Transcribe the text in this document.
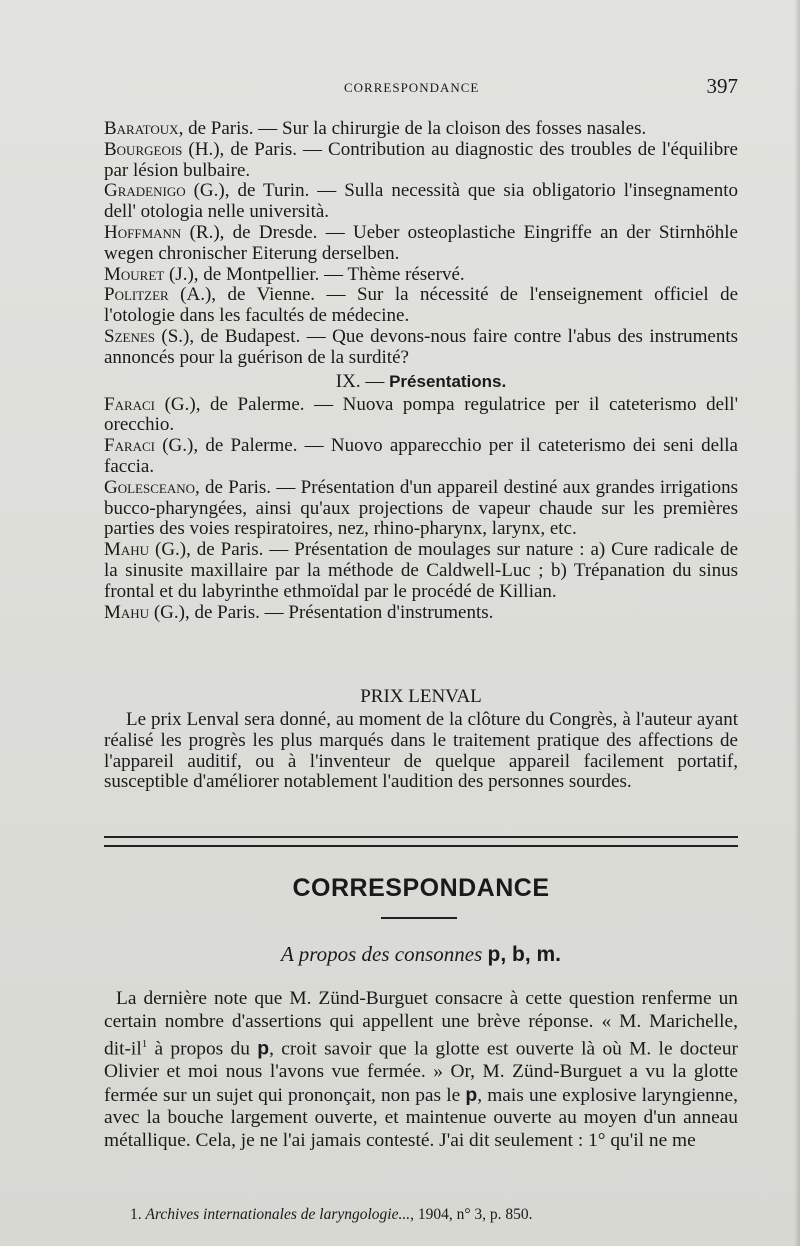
CORRESPONDANCE	397
Baratoux, de Paris. — Sur la chirurgie de la cloison des fosses nasales.
Bourgeois (H.), de Paris. — Contribution au diagnostic des troubles de l'équilibre par lésion bulbaire.
Gradenigo (G.), de Turin. — Sulla necessità que sia obligatorio l'insegnamento dell' otologia nelle università.
Hoffmann (R.), de Dresde. — Ueber osteoplastiche Eingriffe an der Stirnhöhle wegen chronischer Eiterung derselben.
Mouret (J.), de Montpellier. — Thème réservé.
Politzer (A.), de Vienne. — Sur la nécessité de l'enseignement officiel de l'otologie dans les facultés de médecine.
Szenes (S.), de Budapest. — Que devons-nous faire contre l'abus des instruments annoncés pour la guérison de la surdité?
IX. — Présentations.
Faraci (G.), de Palerme. — Nuova pompa regulatrice per il cateterismo dell' orecchio.
Faraci (G.), de Palerme. — Nuovo apparecchio per il cateterismo dei seni della faccia.
Golesceano, de Paris. — Présentation d'un appareil destiné aux grandes irrigations bucco-pharyngées, ainsi qu'aux projections de vapeur chaude sur les premières parties des voies respiratoires, nez, rhino-pharynx, larynx, etc.
Mahu (G.), de Paris. — Présentation de moulages sur nature : a) Cure radicale de la sinusite maxillaire par la méthode de Caldwell-Luc ; b) Trépanation du sinus frontal et du labyrinthe ethmoïdal par le procédé de Killian.
Mahu (G.), de Paris. — Présentation d'instruments.
PRIX LENVAL
Le prix Lenval sera donné, au moment de la clôture du Congrès, à l'auteur ayant réalisé les progrès les plus marqués dans le traitement pratique des affections de l'appareil auditif, ou à l'inventeur de quelque appareil facilement portatif, susceptible d'améliorer notablement l'audition des personnes sourdes.
CORRESPONDANCE
A propos des consonnes p, b, m.
La dernière note que M. Zünd-Burguet consacre à cette question renferme un certain nombre d'assertions qui appellent une brève réponse. « M. Marichelle, dit-$il^1$ à propos du p, croit savoir que la glotte est ouverte là où M. le docteur Olivier et moi nous l'avons vue fermée. » Or, M. Zünd-Burguet a vu la glotte fermée sur un sujet qui prononçait, non pas le p, mais une explosive laryngienne, avec la bouche largement ouverte, et maintenue ouverte au moyen d'un anneau métallique. Cela, je ne l'ai jamais contesté. J'ai dit seulement : 1° qu'il ne me
1. Archives internationales de laryngologie..., 1904, n° 3, p. 850.
